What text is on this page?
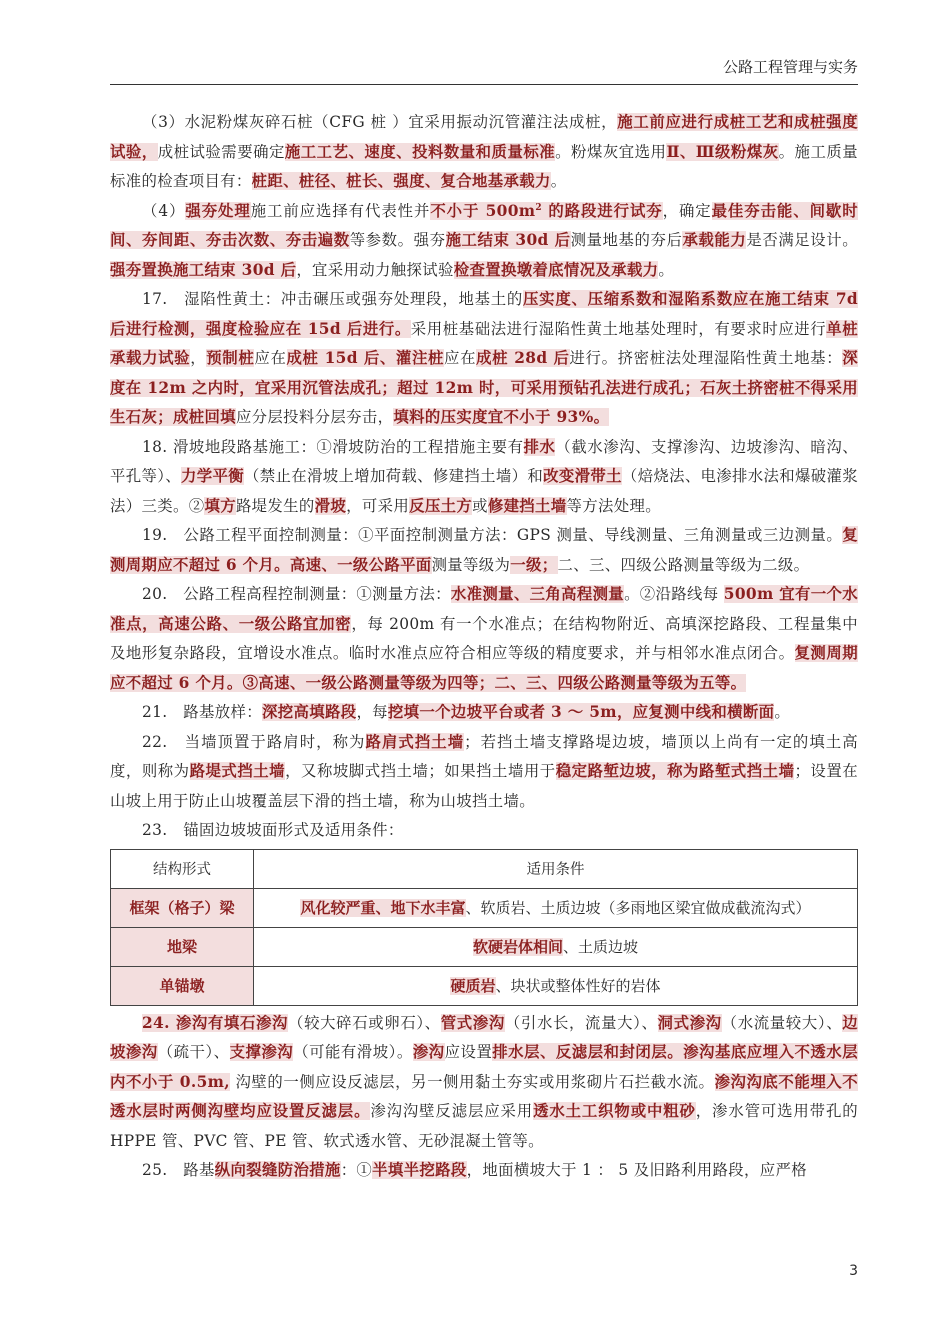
公路工程管理与实务

（3）水泥粉煤灰碎石桩（CFG 桩 ）宜采用振动沉管灌注法成桩，施工前应进行成桩工艺和成桩强度试验，成桩试验需要确定施工工艺、速度、投料数量和质量标准。粉煤灰宜选用Ⅱ、Ⅲ级粉煤灰。施工质量标准的检查项目有：桩距、桩径、桩长、强度、复合地基承载力。

（4）强夯处理施工前应选择有代表性并不小于 $500m^2$ 的路段进行试夯，确定最佳夯击能、间歇时间、夯间距、夯击次数、夯击遍数等参数。强夯施工结束 30d 后测量地基的夯后承载能力是否满足设计。强夯置换施工结束 30d 后，宜采用动力触探试验检查置换墩着底情况及承载力。

17.　湿陷性黄土：冲击碾压或强夯处理段，地基土的压实度、压缩系数和湿陷系数应在施工结束 7d 后进行检测，强度检验应在 15d 后进行。采用桩基础法进行湿陷性黄土地基处理时，有要求时应进行单桩承载力试验，预制桩应在成桩 15d 后、灌注桩应在成桩 28d 后进行。挤密桩法处理湿陷性黄土地基：深度在 12m 之内时，宜采用沉管法成孔；超过 12m 时，可采用预钻孔法进行成孔；石灰土挤密桩不得采用生石灰；成桩回填应分层投料分层夯击，填料的压实度宜不小于 93%。

18. 滑坡地段路基施工：①滑坡防治的工程措施主要有排水（截水渗沟、支撑渗沟、边坡渗沟、暗沟、平孔等）、力学平衡（禁止在滑坡上增加荷载、修建挡土墙）和改变滑带土（焙烧法、电渗排水法和爆破灌浆法）三类。②填方路堤发生的滑坡，可采用反压土方或修建挡土墙等方法处理。

19.　公路工程平面控制测量：①平面控制测量方法：GPS 测量、导线测量、三角测量或三边测量。复测周期应不超过 6 个月。高速、一级公路平面测量等级为一级；二、三、四级公路测量等级为二级。

20.　公路工程高程控制测量：①测量方法：水准测量、三角高程测量。②沿路线每 500m 宜有一个水准点，高速公路、一级公路宜加密，每 200m 有一个水准点；在结构物附近、高填深挖路段、工程量集中及地形复杂路段，宜增设水准点。临时水准点应符合相应等级的精度要求，并与相邻水准点闭合。复测周期应不超过 6 个月。③高速、一级公路测量等级为四等；二、三、四级公路测量等级为五等。

21.　路基放样：深挖高填路段，每挖填一个边坡平台或者 3 ～ 5m，应复测中线和横断面。

22.　当墙顶置于路肩时，称为路肩式挡土墙；若挡土墙支撑路堤边坡，墙顶以上尚有一定的填土高度，则称为路堤式挡土墙，又称坡脚式挡土墙；如果挡土墙用于稳定路堑边坡，称为路堑式挡土墙；设置在山坡上用于防止山坡覆盖层下滑的挡土墙，称为山坡挡土墙。

23.　锚固边坡坡面形式及适用条件：

结构形式	适用条件
框架（格子）梁	风化较严重、地下水丰富、软质岩、土质边坡（多雨地区梁宜做成截流沟式）
地梁	软硬岩体相间、土质边坡
单锚墩	硬质岩、块状或整体性好的岩体

24. 渗沟有填石渗沟（较大碎石或卵石）、管式渗沟（引水长，流量大）、洞式渗沟（水流量较大）、边坡渗沟（疏干）、支撑渗沟（可能有滑坡）。渗沟应设置排水层、反滤层和封闭层。渗沟基底应埋入不透水层内不小于 0.5m, 沟壁的一侧应设反滤层，另一侧用黏土夯实或用浆砌片石拦截水流。渗沟沟底不能埋入不透水层时两侧沟壁均应设置反滤层。渗沟沟壁反滤层应采用透水土工织物或中粗砂，渗水管可选用带孔的 HPPE 管、PVC 管、PE 管、软式透水管、无砂混凝土管等。

25.　路基纵向裂缝防治措施：①半填半挖路段，地面横坡大于 1 ： 5 及旧路利用路段，应严格

3
